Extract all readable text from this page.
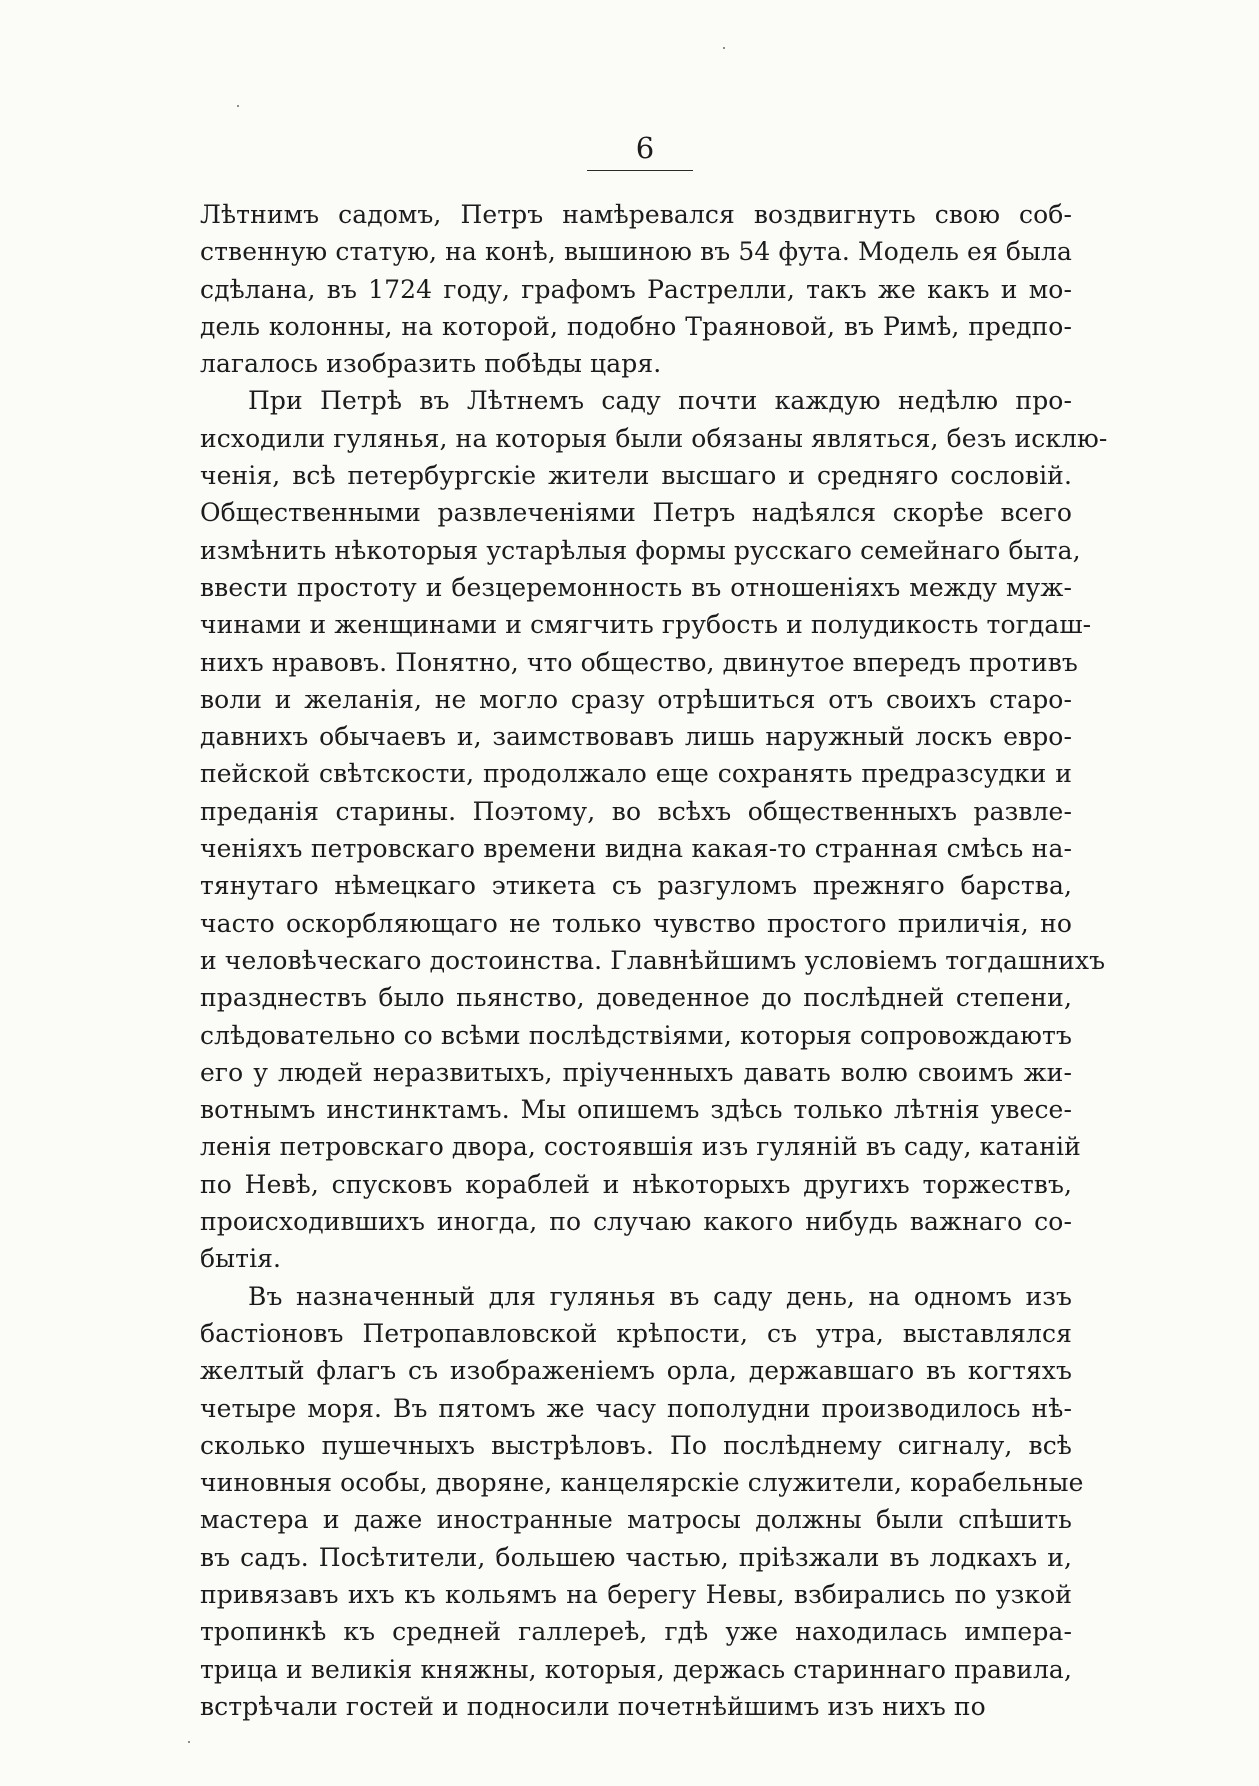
6

Лѣтнимъ садомъ, Петръ намѣревался воздвигнуть свою соб-
ственную статую, на конѣ, вышиною въ 54 фута. Модель ея была
сдѣлана, въ 1724 году, графомъ Растрелли, такъ же какъ и мо-
дель колонны, на которой, подобно Траяновой, въ Римѣ, предпо-
лагалось изобразить побѣды царя.

При Петрѣ въ Лѣтнемъ саду почти каждую недѣлю про-
исходили гулянья, на которыя были обязаны являться, безъ исклю-
ченія, всѣ петербургскіе жители высшаго и средняго сословій.
Общественными развлеченіями Петръ надѣялся скорѣе всего
измѣнить нѣкоторыя устарѣлыя формы русскаго семейнаго быта,
ввести простоту и безцеремонность въ отношеніяхъ между муж-
чинами и женщинами и смягчить грубость и полудикость тогдаш-
нихъ нравовъ. Понятно, что общество, двинутое впередъ противъ
воли и желанія, не могло сразу отрѣшиться отъ своихъ старо-
давнихъ обычаевъ и, заимствовавъ лишь наружный лоскъ евро-
пейской свѣтскости, продолжало еще сохранять предразсудки и
преданія старины. Поэтому, во всѣхъ общественныхъ развле-
ченіяхъ петровскаго времени видна какая-то странная смѣсь на-
тянутаго нѣмецкаго этикета съ разгуломъ прежняго барства,
часто оскорбляющаго не только чувство простого приличія, но
и человѣческаго достоинства. Главнѣйшимъ условіемъ тогдашнихъ
празднествъ было пьянство, доведенное до послѣдней степени,
слѣдовательно со всѣми послѣдствіями, которыя сопровождаютъ
его у людей неразвитыхъ, пріученныхъ давать волю своимъ жи-
вотнымъ инстинктамъ. Мы опишемъ здѣсь только лѣтнія увесе-
ленія петровскаго двора, состоявшія изъ гуляній въ саду, катаній
по Невѣ, спусковъ кораблей и нѣкоторыхъ другихъ торжествъ,
происходившихъ иногда, по случаю какого нибудь важнаго со-
бытія.

Въ назначенный для гулянья въ саду день, на одномъ изъ
бастіоновъ Петропавловской крѣпости, съ утра, выставлялся
желтый флагъ съ изображеніемъ орла, державшаго въ когтяхъ
четыре моря. Въ пятомъ же часу пополудни производилось нѣ-
сколько пушечныхъ выстрѣловъ. По послѣднему сигналу, всѣ
чиновныя особы, дворяне, канцелярскіе служители, корабельные
мастера и даже иностранные матросы должны были спѣшить
въ садъ. Посѣтители, большею частью, пріѣзжали въ лодкахъ и,
привязавъ ихъ къ кольямъ на берегу Невы, взбирались по узкой
тропинкѣ къ средней галлереѣ, гдѣ уже находилась импера-
трица и великія княжны, которыя, держась стариннаго правила,
встрѣчали гостей и подносили почетнѣйшимъ изъ нихъ по
